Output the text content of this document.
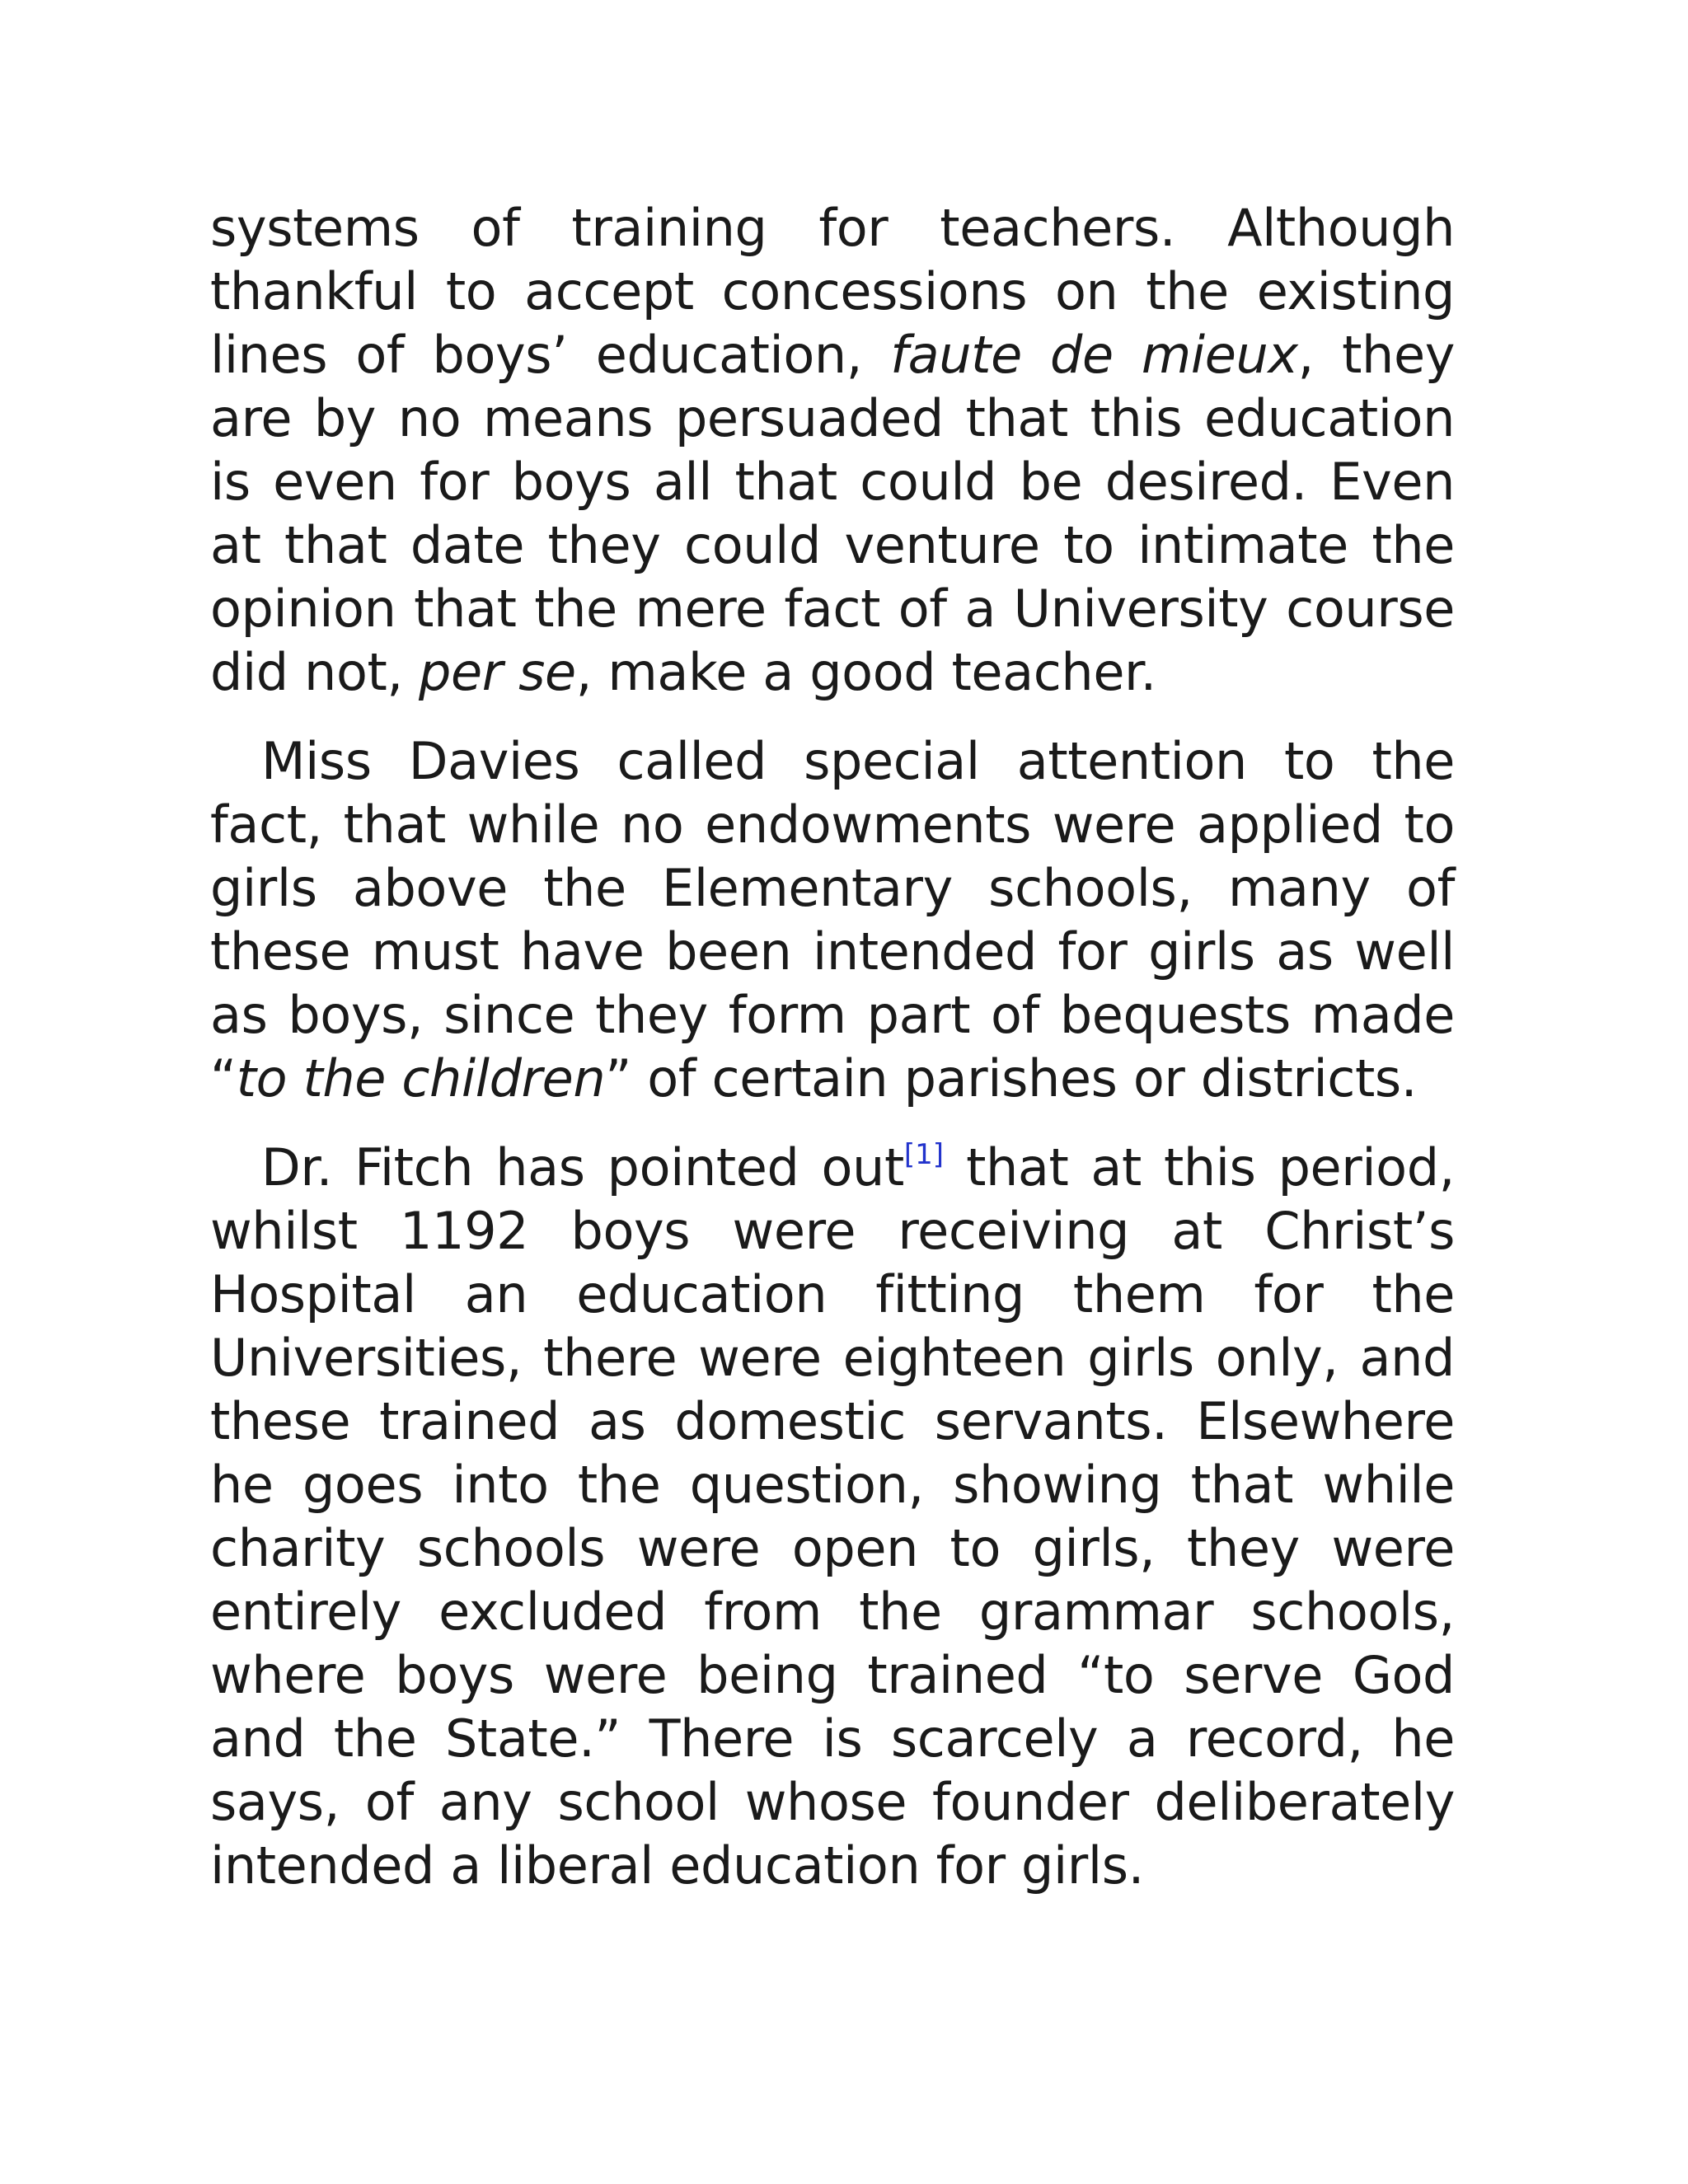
systems of training for teachers. Although thankful to accept concessions on the existing lines of boys’ education, faute de mieux, they are by no means persuaded that this education is even for boys all that could be desired. Even at that date they could venture to intimate the opinion that the mere fact of a University course did not, per se, make a good teacher.

Miss Davies called special attention to the fact, that while no endowments were applied to girls above the Elementary schools, many of these must have been intended for girls as well as boys, since they form part of bequests made “to the children” of certain parishes or districts.

Dr. Fitch has pointed out[1] that at this period, whilst 1192 boys were receiving at Christ’s Hospital an education fitting them for the Universities, there were eighteen girls only, and these trained as domestic servants. Elsewhere he goes into the question, showing that while charity schools were open to girls, they were entirely excluded from the grammar schools, where boys were being trained “to serve God and the State.” There is scarcely a record, he says, of any school whose founder deliberately intended a liberal education for girls.
